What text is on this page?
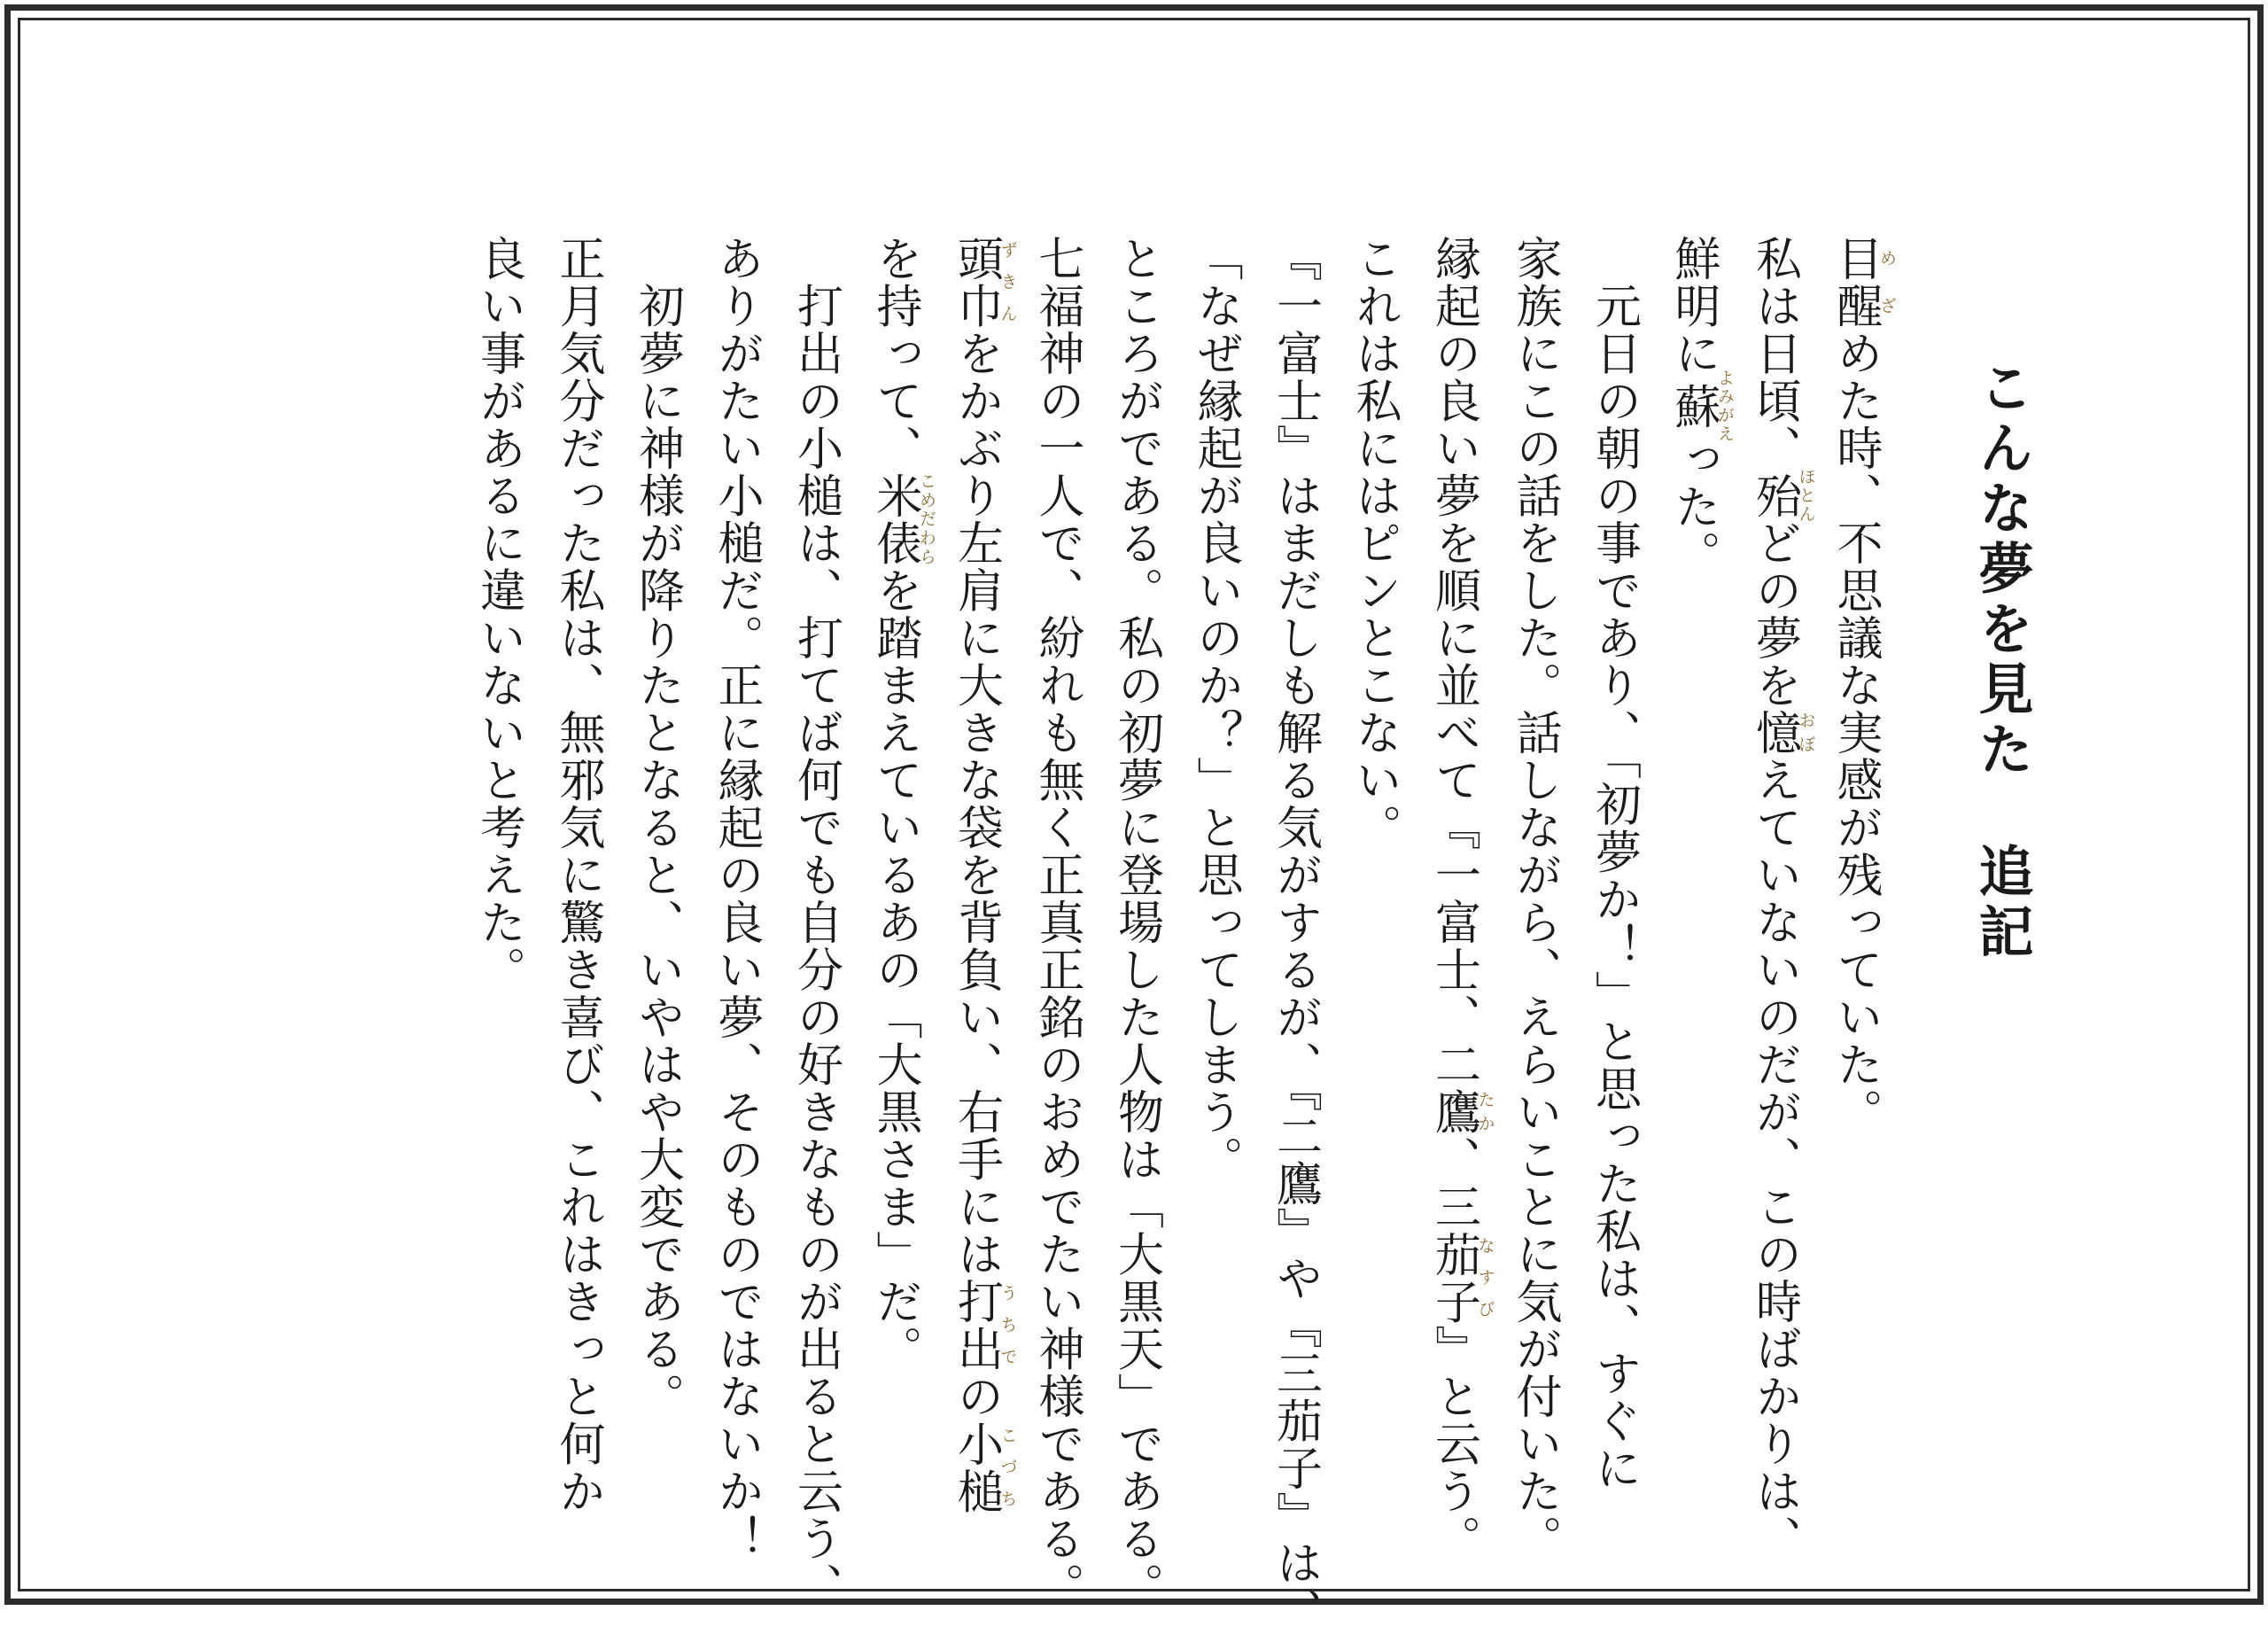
こんな夢を見た追記
目醒めざめた時、不思議な実感が残っていた。
私は日頃、殆ほとんどの夢を憶おぼえていないのだが、この時ばかりは、
鮮明に蘇よみがえった。
　元日の朝の事であり、「初夢か！」と思った私は、すぐに
家族にこの話をした。話しながら、えらいことに気が付いた。
縁起の良い夢を順に並べて『一富士、二鷹たか、三茄子なすび』と云う。
これは私にはピンとこない。
『一富士』はまだしも解る気がするが、『二鷹』や『三茄子』は、
「なぜ縁起が良いのか？」と思ってしまう。
ところがである。私の初夢に登場した人物は「大黒天」である。
七福神の一人で、紛れも無く正真正銘のおめでたい神様である。
頭巾ずきんをかぶり左肩に大きな袋を背負い、右手には打出うちでの小槌こづち
を持って、米俵こめだわらを踏まえているあの「大黒さま」だ。
　打出の小槌は、打てば何でも自分の好きなものが出ると云う、
ありがたい小槌だ。正に縁起の良い夢、そのものではないか！
　初夢に神様が降りたとなると、いやはや大変である。
正月気分だった私は、無邪気に驚き喜び、これはきっと何か
良い事があるに違いないと考えた。
